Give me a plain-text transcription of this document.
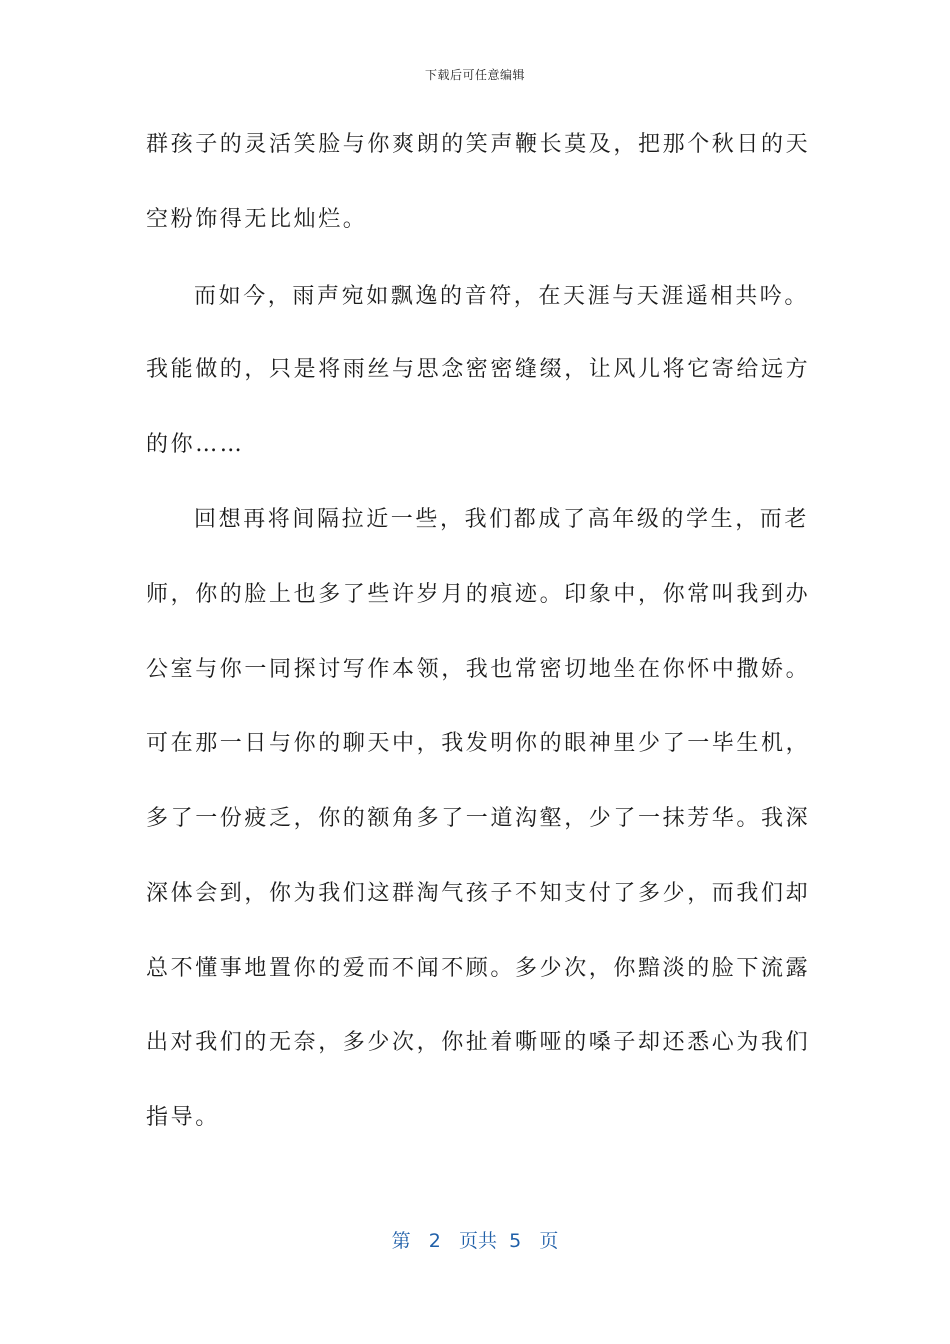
下载后可任意编辑
群孩子的灵活笑脸与你爽朗的笑声鞭长莫及，把那个秋日的天
空粉饰得无比灿烂。
而如今，雨声宛如飘逸的音符，在天涯与天涯遥相共吟。
我能做的，只是将雨丝与思念密密缝缀，让风儿将它寄给远方
的你……
回想再将间隔拉近一些，我们都成了高年级的学生，而老
师，你的脸上也多了些许岁月的痕迹。印象中，你常叫我到办
公室与你一同探讨写作本领，我也常密切地坐在你怀中撒娇。
可在那一日与你的聊天中，我发明你的眼神里少了一毕生机，
多了一份疲乏，你的额角多了一道沟壑，少了一抹芳华。我深
深体会到，你为我们这群淘气孩子不知支付了多少，而我们却
总不懂事地置你的爱而不闻不顾。多少次，你黯淡的脸下流露
出对我们的无奈，多少次，你扯着嘶哑的嗓子却还悉心为我们
指导。
第 2 页共 5 页
